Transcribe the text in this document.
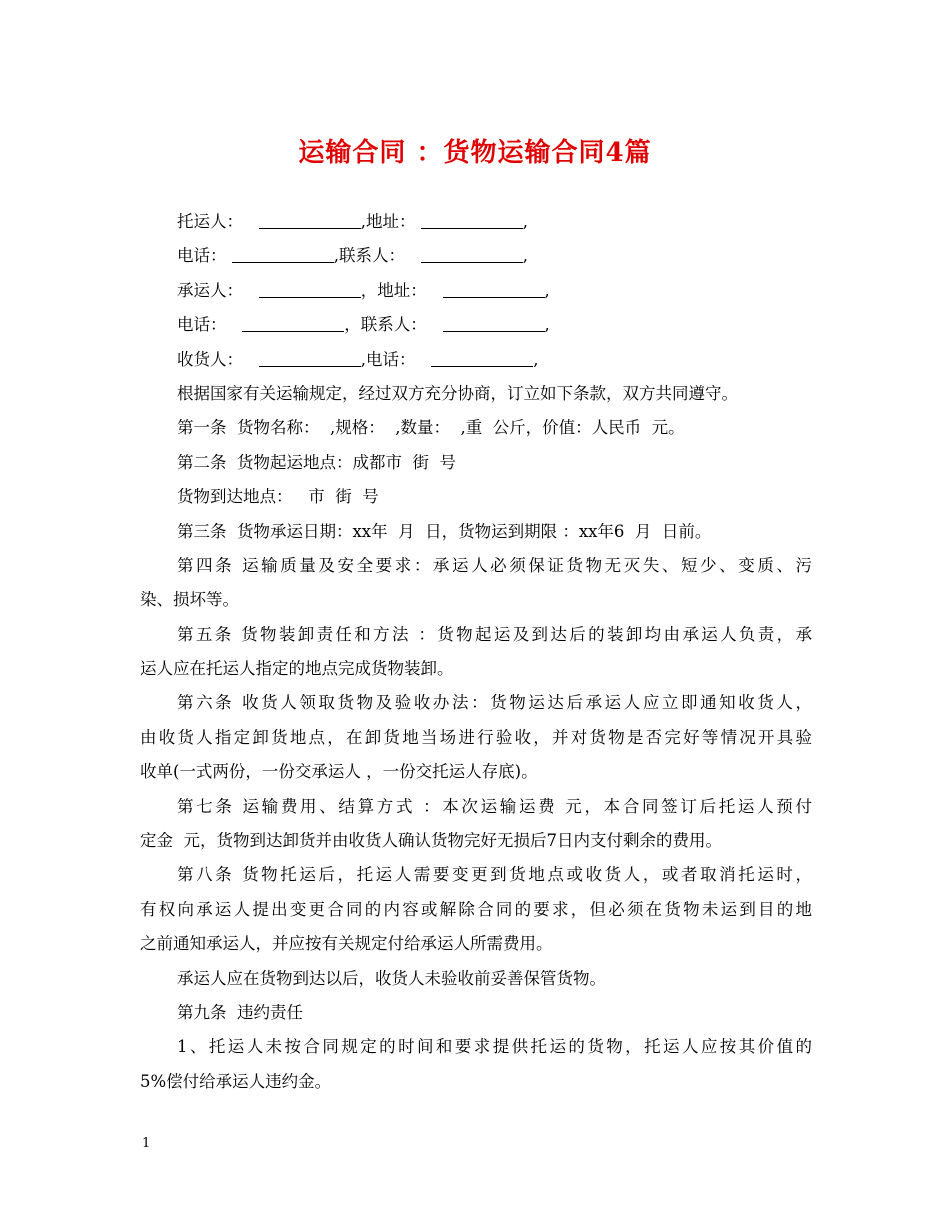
运输合同 ：货物运输合同4篇
托运人：	,地址：	,
电话：	,联系人：	,
承运人：	，地址：	,
电话：	，联系人：	,
收货人：	,电话：	,
根据国家有关运输规定，经过双方充分协商，订立如下条款，双方共同遵守。
第一条  货物名称：  ,规格：  ,数量：  ,重  公斤，价值：人民币  元。
第二条  货物起运地点：成都市  街  号
货物到达地点：   市  街  号
第三条  货物承运日期：xx年  月  日，货物运到期限 ：xx年6  月  日前。
第四条 运输质量及安全要求：承运人必须保证货物无灭失、短少、变质、污
染、损坏等。
第五条 货物装卸责任和方法 ：货物起运及到达后的装卸均由承运人负责，承
运人应在托运人指定的地点完成货物装卸。
第六条 收货人领取货物及验收办法：货物运达后承运人应立即通知收货人，
由收货人指定卸货地点，在卸货地当场进行验收，并对货物是否完好等情况开具验
收单(一式两份，一份交承运人 ，一份交托运人存底)。
第七条 运输费用、结算方式 ：本次运输运费 元，本合同签订后托运人预付
定金  元，货物到达卸货并由收货人确认货物完好无损后7日内支付剩余的费用。
第八条 货物托运后，托运人需要变更到货地点或收货人，或者取消托运时，
有权向承运人提出变更合同的内容或解除合同的要求，但必须在货物未运到目的地
之前通知承运人，并应按有关规定付给承运人所需费用。
承运人应在货物到达以后，收货人未验收前妥善保管货物。
第九条  违约责任
1、托运人未按合同规定的时间和要求提供托运的货物，托运人应按其价值的
5%偿付给承运人违约金。
1
